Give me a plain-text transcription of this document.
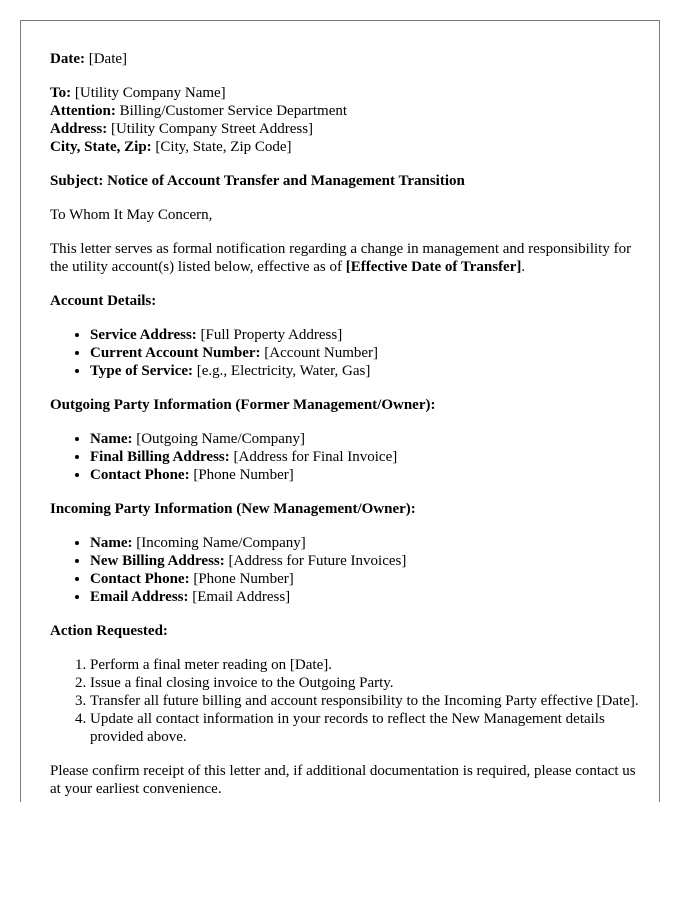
Date: [Date]

To: [Utility Company Name]
Attention: Billing/Customer Service Department
Address: [Utility Company Street Address]
City, State, Zip: [City, State, Zip Code]

Subject: Notice of Account Transfer and Management Transition

To Whom It May Concern,

This letter serves as formal notification regarding a change in management and responsibility for the utility account(s) listed below, effective as of [Effective Date of Transfer].

Account Details:

• Service Address: [Full Property Address]
• Current Account Number: [Account Number]
• Type of Service: [e.g., Electricity, Water, Gas]

Outgoing Party Information (Former Management/Owner):

• Name: [Outgoing Name/Company]
• Final Billing Address: [Address for Final Invoice]
• Contact Phone: [Phone Number]

Incoming Party Information (New Management/Owner):

• Name: [Incoming Name/Company]
• New Billing Address: [Address for Future Invoices]
• Contact Phone: [Phone Number]
• Email Address: [Email Address]

Action Requested:

1. Perform a final meter reading on [Date].
2. Issue a final closing invoice to the Outgoing Party.
3. Transfer all future billing and account responsibility to the Incoming Party effective [Date].
4. Update all contact information in your records to reflect the New Management details provided above.

Please confirm receipt of this letter and, if additional documentation is required, please contact us at your earliest convenience.
